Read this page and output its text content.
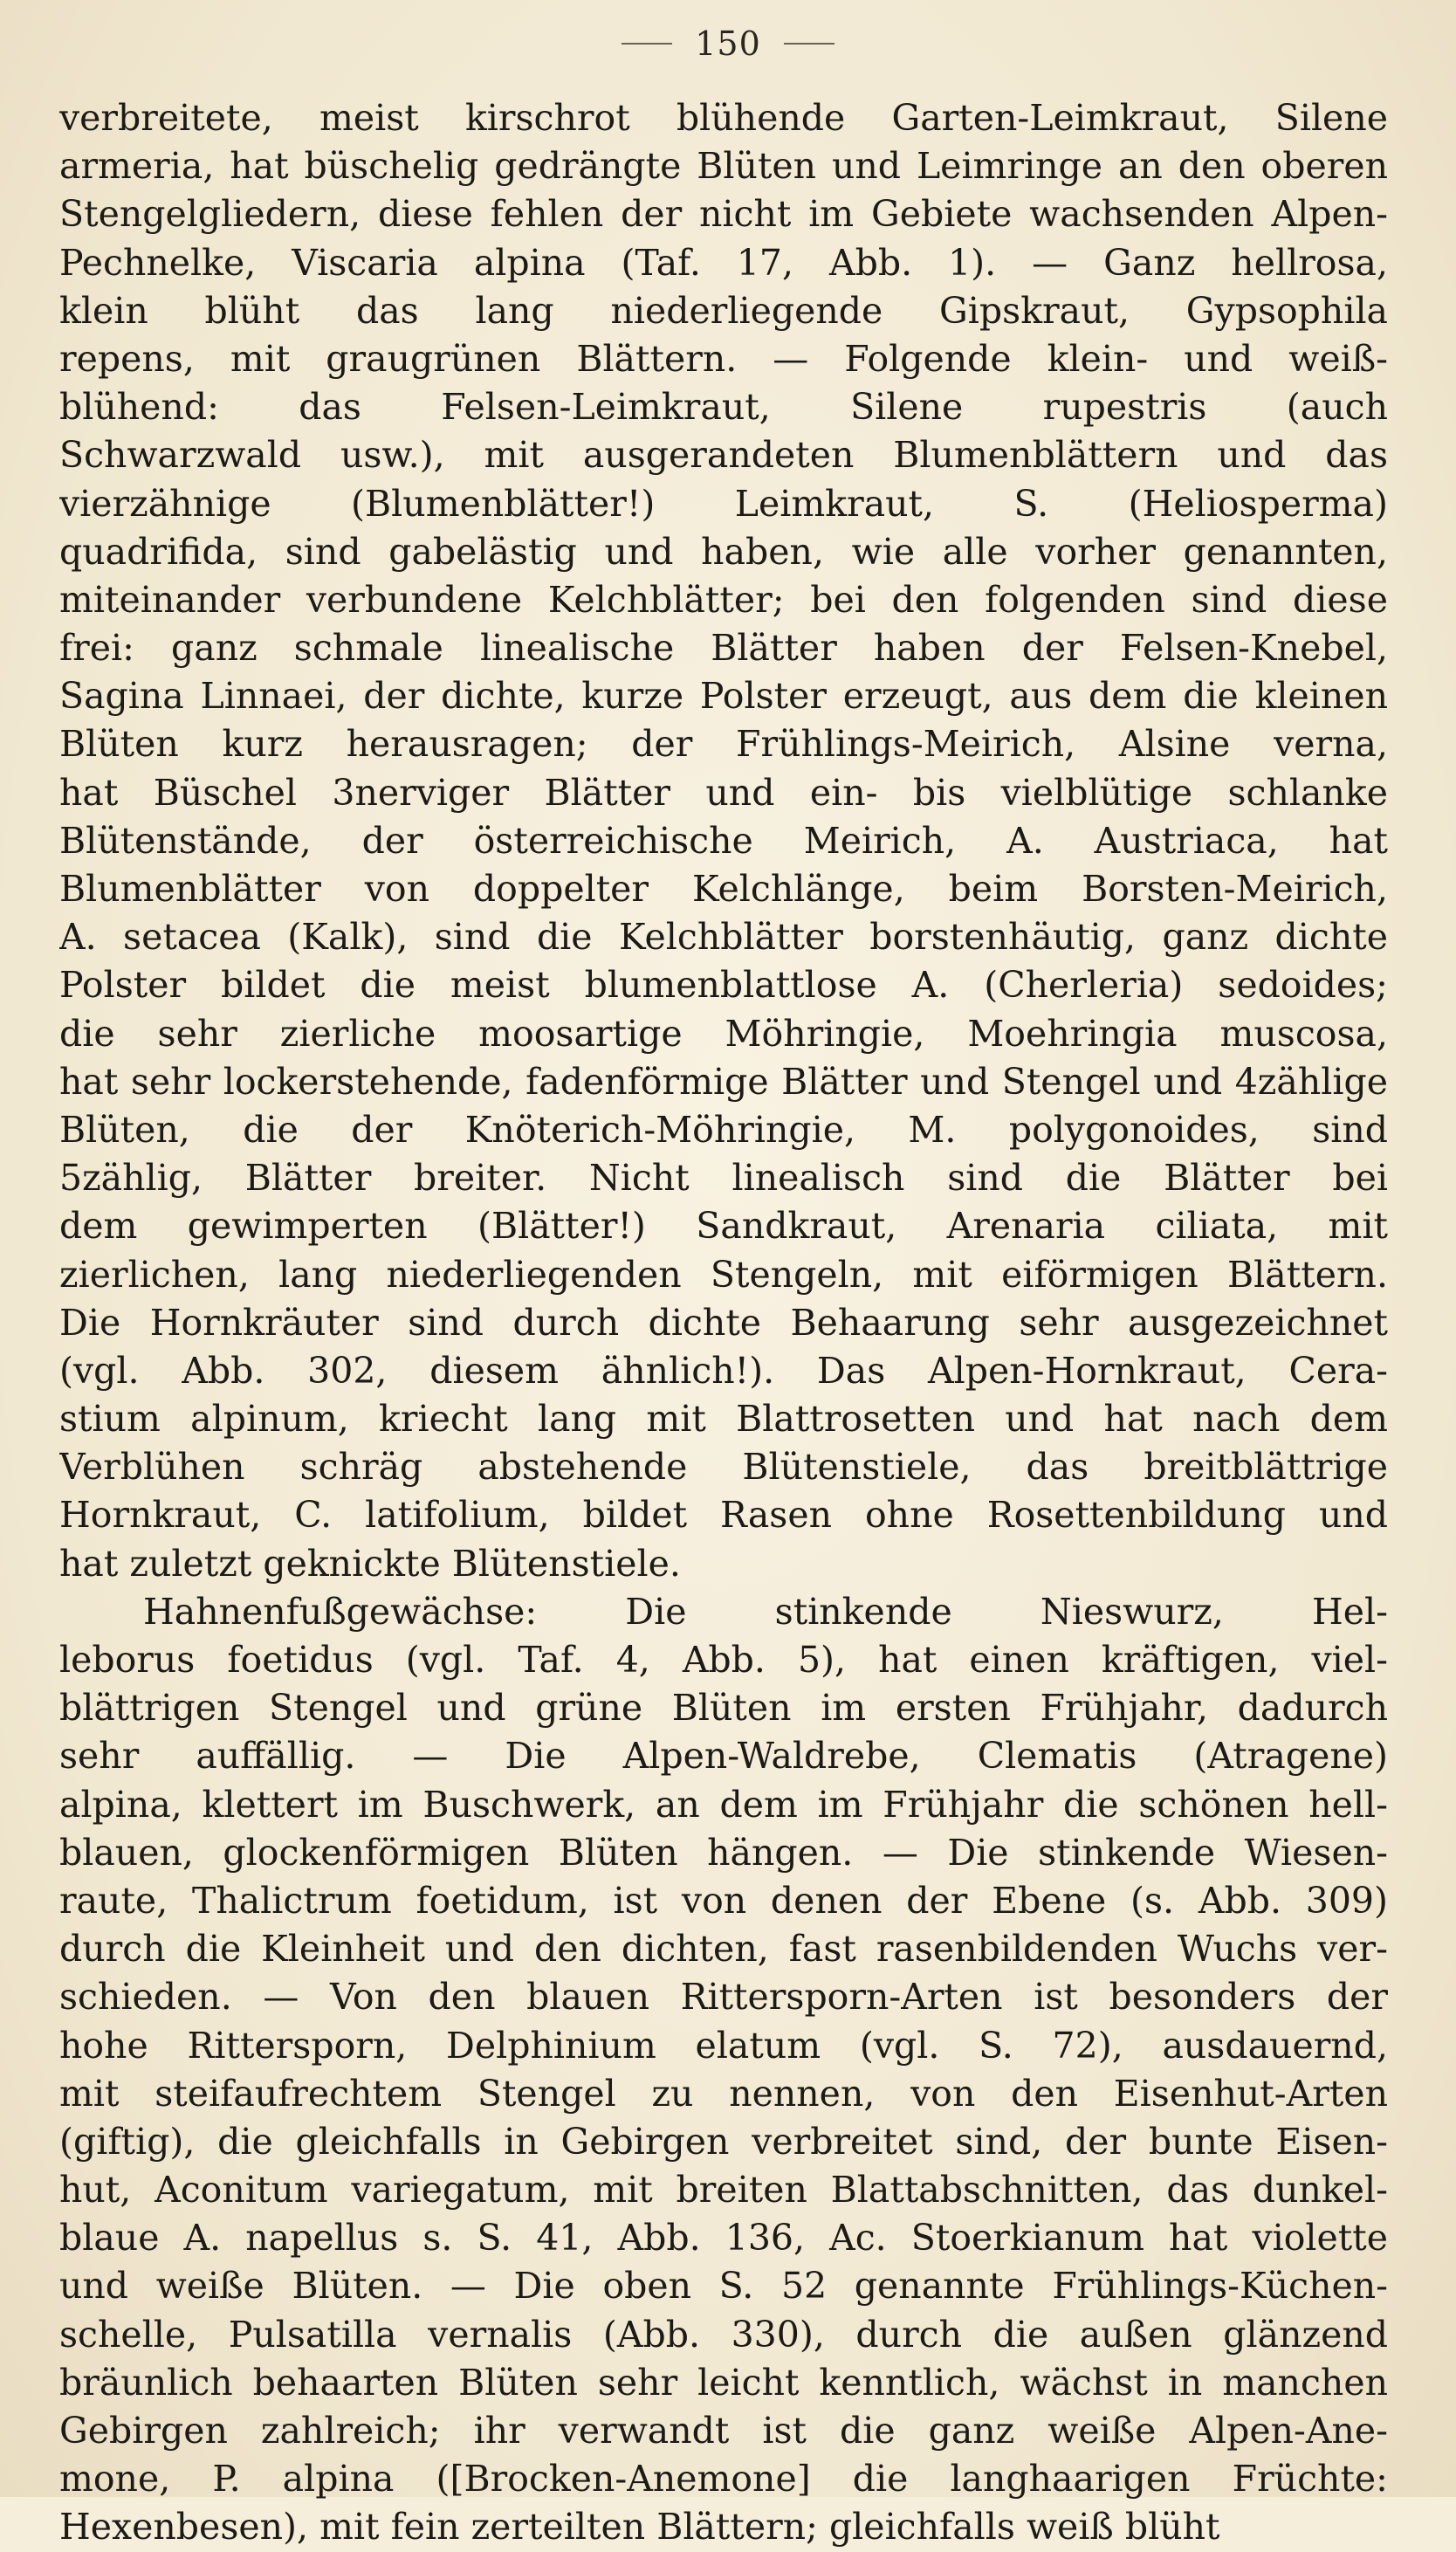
150
verbreitete, meist kirschrot blühende Garten-Leimkraut, Silene
armeria, hat büschelig gedrängte Blüten und Leimringe an den oberen
Stengelgliedern, diese fehlen der nicht im Gebiete wachsenden Alpen-
Pechnelke, Viscaria alpina (Taf. 17, Abb. 1). — Ganz hellrosa,
klein blüht das lang niederliegende Gipskraut, Gypsophila
repens, mit graugrünen Blättern. — Folgende klein- und weiß-
blühend: das Felsen-Leimkraut, Silene rupestris (auch
Schwarzwald usw.), mit ausgerandeten Blumenblättern und das
vierzähnige (Blumenblätter!) Leimkraut, S. (Heliosperma)
quadrifida, sind gabelästig und haben, wie alle vorher genannten,
miteinander verbundene Kelchblätter; bei den folgenden sind diese
frei: ganz schmale linealische Blätter haben der Felsen-Knebel,
Sagina Linnaei, der dichte, kurze Polster erzeugt, aus dem die kleinen
Blüten kurz herausragen; der Frühlings-Meirich, Alsine verna,
hat Büschel 3nerviger Blätter und ein- bis vielblütige schlanke
Blütenstände, der österreichische Meirich, A. Austriaca, hat
Blumenblätter von doppelter Kelchlänge, beim Borsten-Meirich,
A. setacea (Kalk), sind die Kelchblätter borstenhäutig, ganz dichte
Polster bildet die meist blumenblattlose A. (Cherleria) sedoides;
die sehr zierliche moosartige Möhringie, Moehringia muscosa,
hat sehr lockerstehende, fadenförmige Blätter und Stengel und 4zählige
Blüten, die der Knöterich-Möhringie, M. polygonoides, sind
5zählig, Blätter breiter. Nicht linealisch sind die Blätter bei
dem gewimperten (Blätter!) Sandkraut, Arenaria ciliata, mit
zierlichen, lang niederliegenden Stengeln, mit eiförmigen Blättern.
Die Hornkräuter sind durch dichte Behaarung sehr ausgezeichnet
(vgl. Abb. 302, diesem ähnlich!). Das Alpen-Hornkraut, Cera-
stium alpinum, kriecht lang mit Blattrosetten und hat nach dem
Verblühen schräg abstehende Blütenstiele, das breitblättrige
Hornkraut, C. latifolium, bildet Rasen ohne Rosettenbildung und
hat zuletzt geknickte Blütenstiele.
Hahnenfußgewächse: Die stinkende Nieswurz, Hel-
leborus foetidus (vgl. Taf. 4, Abb. 5), hat einen kräftigen, viel-
blättrigen Stengel und grüne Blüten im ersten Frühjahr, dadurch
sehr auffällig. — Die Alpen-Waldrebe, Clematis (Atragene)
alpina, klettert im Buschwerk, an dem im Frühjahr die schönen hell-
blauen, glockenförmigen Blüten hängen. — Die stinkende Wiesen-
raute, Thalictrum foetidum, ist von denen der Ebene (s. Abb. 309)
durch die Kleinheit und den dichten, fast rasenbildenden Wuchs ver-
schieden. — Von den blauen Rittersporn-Arten ist besonders der
hohe Rittersporn, Delphinium elatum (vgl. S. 72), ausdauernd,
mit steifaufrechtem Stengel zu nennen, von den Eisenhut-Arten
(giftig), die gleichfalls in Gebirgen verbreitet sind, der bunte Eisen-
hut, Aconitum variegatum, mit breiten Blattabschnitten, das dunkel-
blaue A. napellus s. S. 41, Abb. 136, Ac. Stoerkianum hat violette
und weiße Blüten. — Die oben S. 52 genannte Frühlings-Küchen-
schelle, Pulsatilla vernalis (Abb. 330), durch die außen glänzend
bräunlich behaarten Blüten sehr leicht kenntlich, wächst in manchen
Gebirgen zahlreich; ihr verwandt ist die ganz weiße Alpen-Ane-
mone, P. alpina ([Brocken-Anemone] die langhaarigen Früchte:
Hexenbesen), mit fein zerteilten Blättern; gleichfalls weiß blüht
